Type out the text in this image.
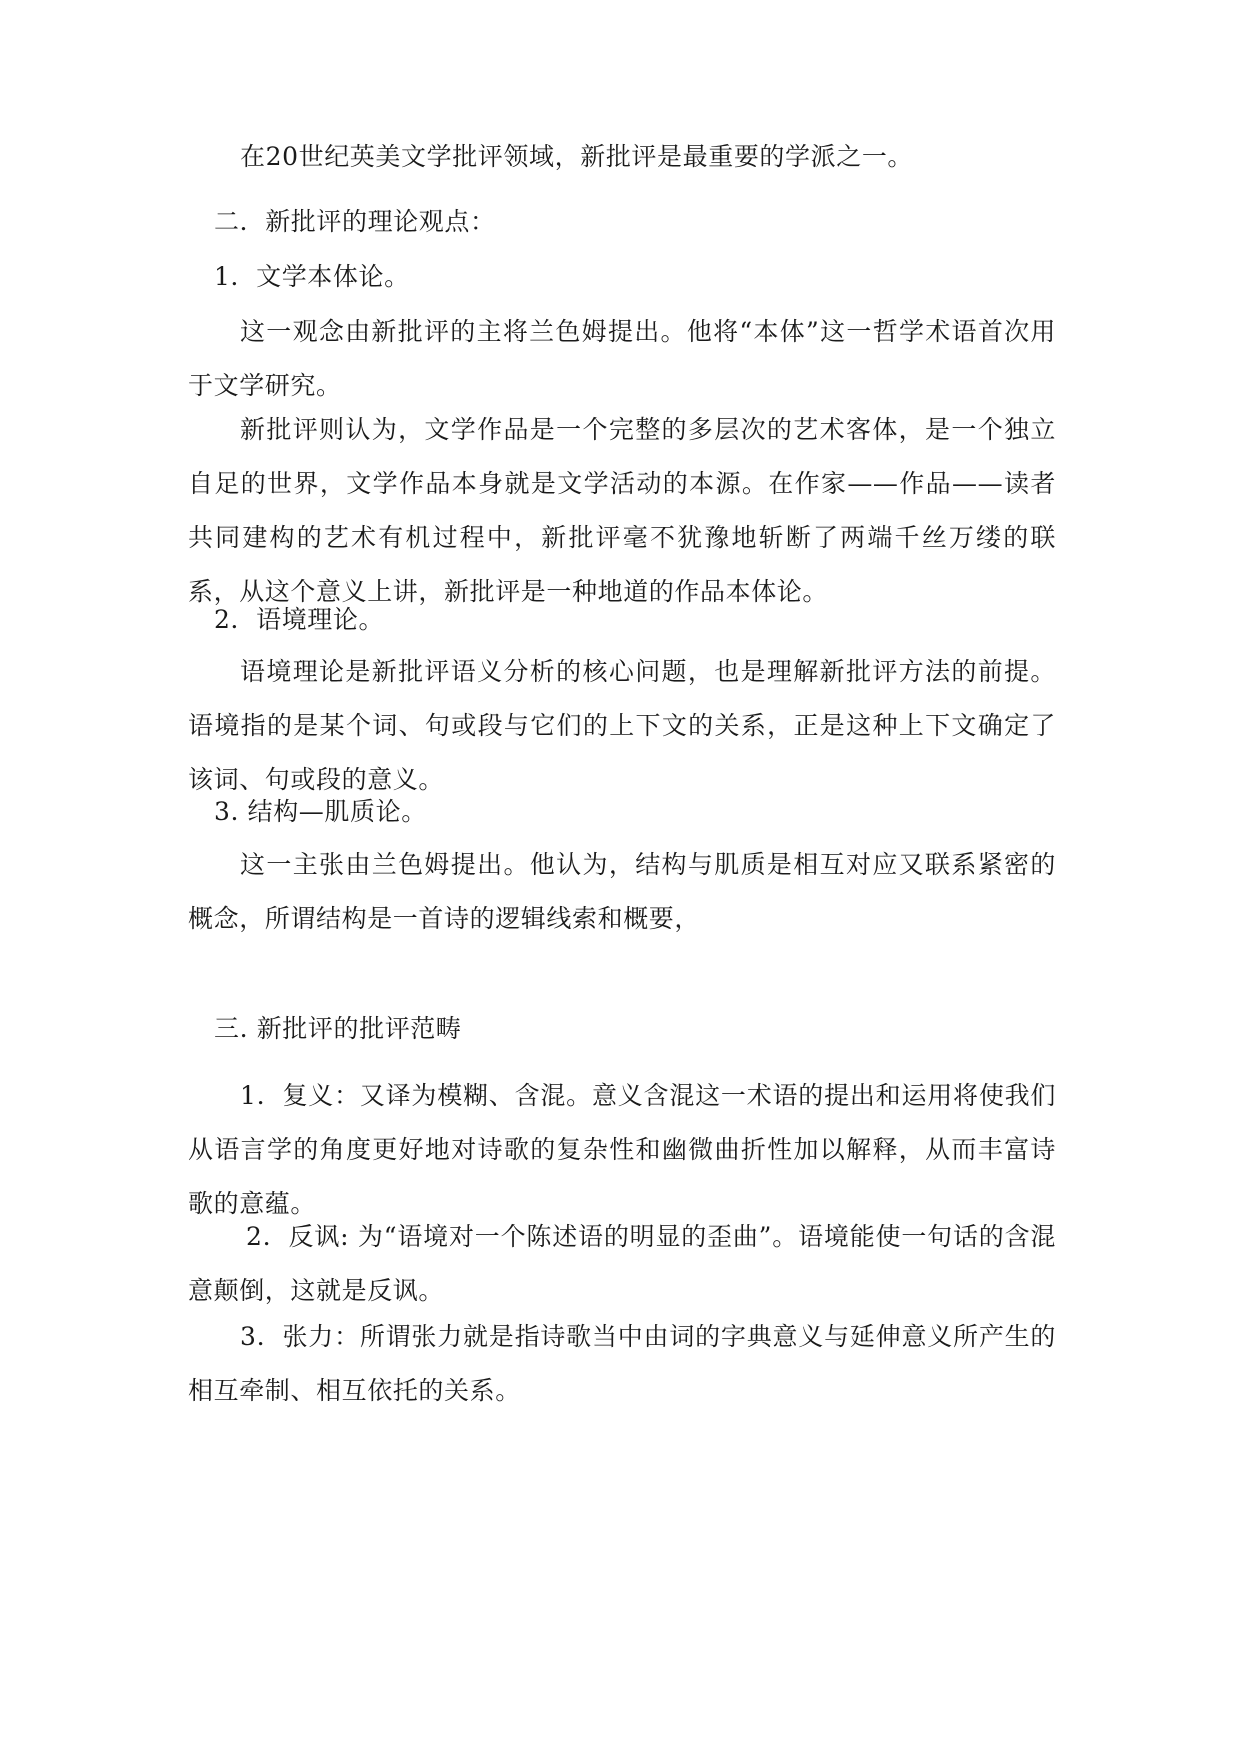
在20世纪英美文学批评领域，新批评是最重要的学派之一。
二．新批评的理论观点：
1．文学本体论。
这一观念由新批评的主将兰色姆提出。他将“本体”这一哲学术语首次用于文学研究。
新批评则认为，文学作品是一个完整的多层次的艺术客体，是一个独立自足的世界，文学作品本身就是文学活动的本源。在作家——作品——读者共同建构的艺术有机过程中，新批评毫不犹豫地斩断了两端千丝万缕的联系，从这个意义上讲，新批评是一种地道的作品本体论。
2．语境理论。
语境理论是新批评语义分析的核心问题，也是理解新批评方法的前提。语境指的是某个词、句或段与它们的上下文的关系，正是这种上下文确定了该词、句或段的意义。
3. 结构—肌质论。
这一主张由兰色姆提出。他认为，结构与肌质是相互对应又联系紧密的概念，所谓结构是一首诗的逻辑线索和概要，
三. 新批评的批评范畴
1．复义：又译为模糊、含混。意义含混这一术语的提出和运用将使我们从语言学的角度更好地对诗歌的复杂性和幽微曲折性加以解释，从而丰富诗歌的意蕴。
2．反讽: 为“语境对一个陈述语的明显的歪曲”。语境能使一句话的含混意颠倒，这就是反讽。
3．张力：所谓张力就是指诗歌当中由词的字典意义与延伸意义所产生的相互牵制、相互依托的关系。
